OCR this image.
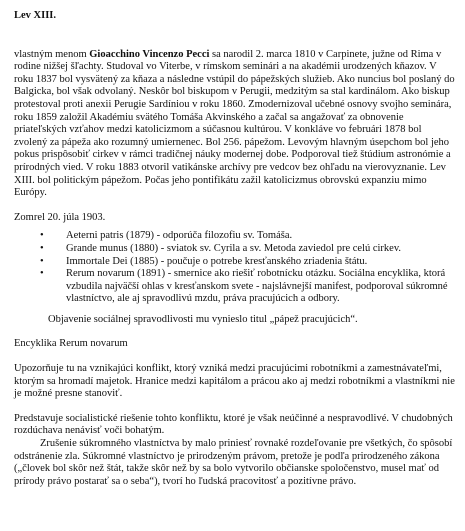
Lev XIII.

vlastným menom Gioacchino Vincenzo Pecci sa narodil 2. marca 1810 v Carpinete, južne od Rima v rodine nižšej šľachty. Studoval vo Viterbe, v rímskom seminári a na akadémii urodzených kňazov. V roku 1837 bol vysvätený za kňaza a následne vstúpil do pápežských služieb. Ako nuncius bol poslaný do Balgicka, bol však odvolaný. Neskôr bol biskupom v Perugii, medzitým sa stal kardinálom. Ako biskup protestoval proti anexii Perugie Sardíniou v roku 1860. Zmodernizoval učebné osnovy svojho seminára, roku 1859 založil Akadémiu svätého Tomáša Akvinského a začal sa angažovať za obnovenie priateľských vzťahov medzi katolicizmom a súčasnou kultúrou. V konkláve vo februári 1878 bol zvolený za pápeža ako rozumný umiernenec. Bol 256. pápežom. Levovým hlavným úsepchom bol jeho pokus prispôsobiť cirkev v rámci tradičnej náuky modernej dobe. Podporoval tiež štúdium astronómie a prírodných vied. V roku 1883 otvoril vatikánske archívy pre vedcov bez ohľadu na vierovyznanie. Lev XIII. bol politickým pápežom. Počas jeho pontifikátu zažil katolicizmus obrovskú expanziu mimo Európy.

Zomrel 20. júla 1903.

• Aeterni patris (1879) - odporúča filozofiu sv. Tomáša.
• Grande munus (1880) - sviatok sv. Cyrila a sv. Metoda zaviedol pre celú cirkev.
• Immortale Dei (1885) - poučuje o potrebe kresťanského zriadenia štátu.
• Rerum novarum (1891) - smernice ako riešiť robotnícku otázku. Sociálna encyklika, ktorá vzbudila najväčší ohlas v kresťanskom svete - najslávnejší manifest, podporoval súkromné vlastníctvo, ale aj spravodlivú mzdu, práva pracujúcich a odbory.

Objavenie sociálnej spravodlivosti mu vynieslo titul „pápež pracujúcich“.

Encyklika Rerum novarum

Upozorňuje tu na vznikajúci konflikt, ktorý vzniká medzi pracujúcimi robotníkmi a zamestnávateľmi, ktorým sa hromadí majetok. Hranice medzi kapitálom a prácou ako aj medzi robotníkmi a vlastníkmi nie je možné presne stanoviť.

Predstavuje socialistické riešenie tohto konfliktu, ktoré je však neúčinné a nespravodlivé. V chudobných rozdúchava nenávisť voči bohatým.

Zrušenie súkromného vlastníctva by malo priniesť rovnaké rozdeľovanie pre všetkých, čo spôsobí odstránenie zla. Súkromné vlastníctvo je prirodzeným právom, pretože je podľa prirodzeného zákona („človek bol skôr než štát, takže skôr než by sa bolo vytvorilo občianske spoločenstvo, musel mať od prírody právo postarať sa o seba“), tvorí ho ľudská pracovitosť a pozitívne právo.
